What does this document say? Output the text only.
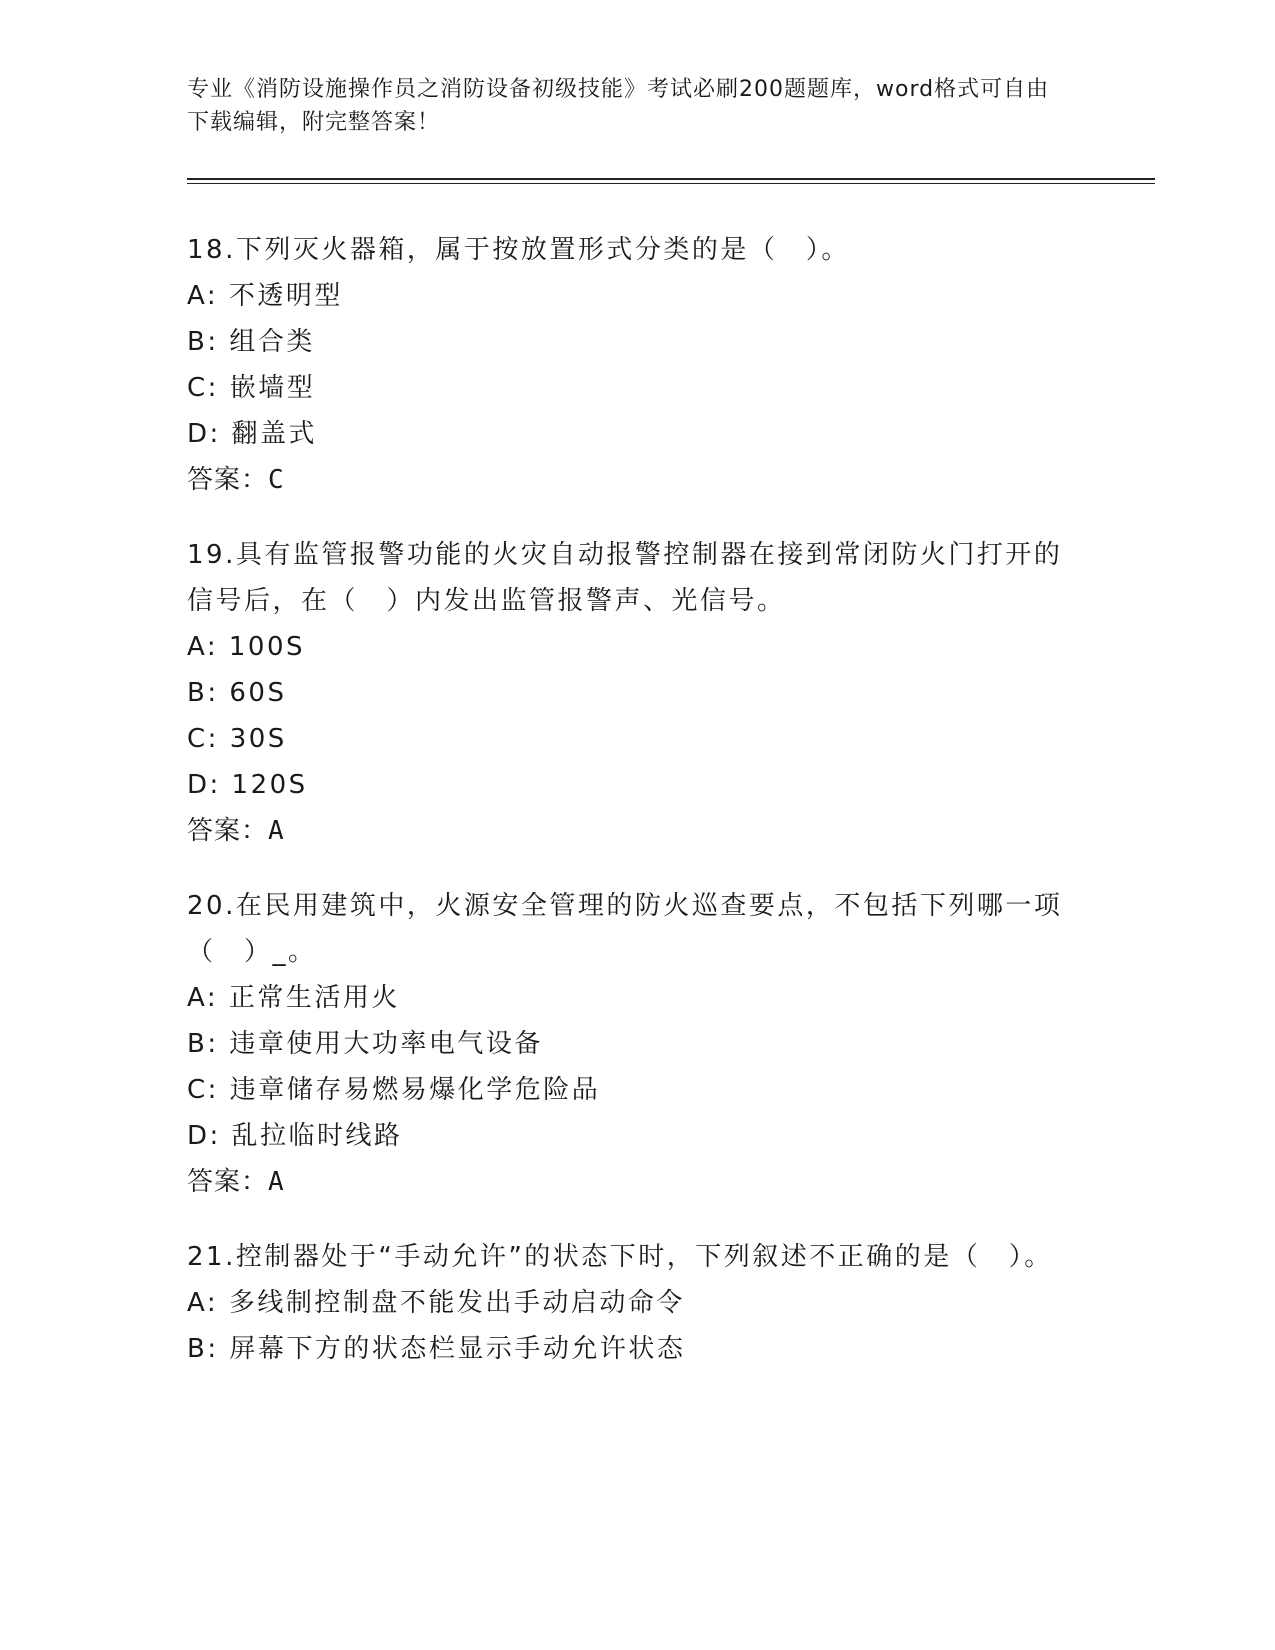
专业《消防设施操作员之消防设备初级技能》考试必刷200题题库，word格式可自由下载编辑，附完整答案！

18.下列灭火器箱，属于按放置形式分类的是（　）。

A: 不透明型

B: 组合类

C: 嵌墙型

D: 翻盖式

答案：C

19.具有监管报警功能的火灾自动报警控制器在接到常闭防火门打开的信号后，在（　）内发出监管报警声、光信号。

A: 100S

B: 60S

C: 30S

D: 120S

答案：A

20.在民用建筑中，火源安全管理的防火巡查要点，不包括下列哪一项（　）_。

A: 正常生活用火

B: 违章使用大功率电气设备

C: 违章储存易燃易爆化学危险品

D: 乱拉临时线路

答案：A

21.控制器处于“手动允许”的状态下时，下列叙述不正确的是（　）。

A: 多线制控制盘不能发出手动启动命令

B: 屏幕下方的状态栏显示手动允许状态
